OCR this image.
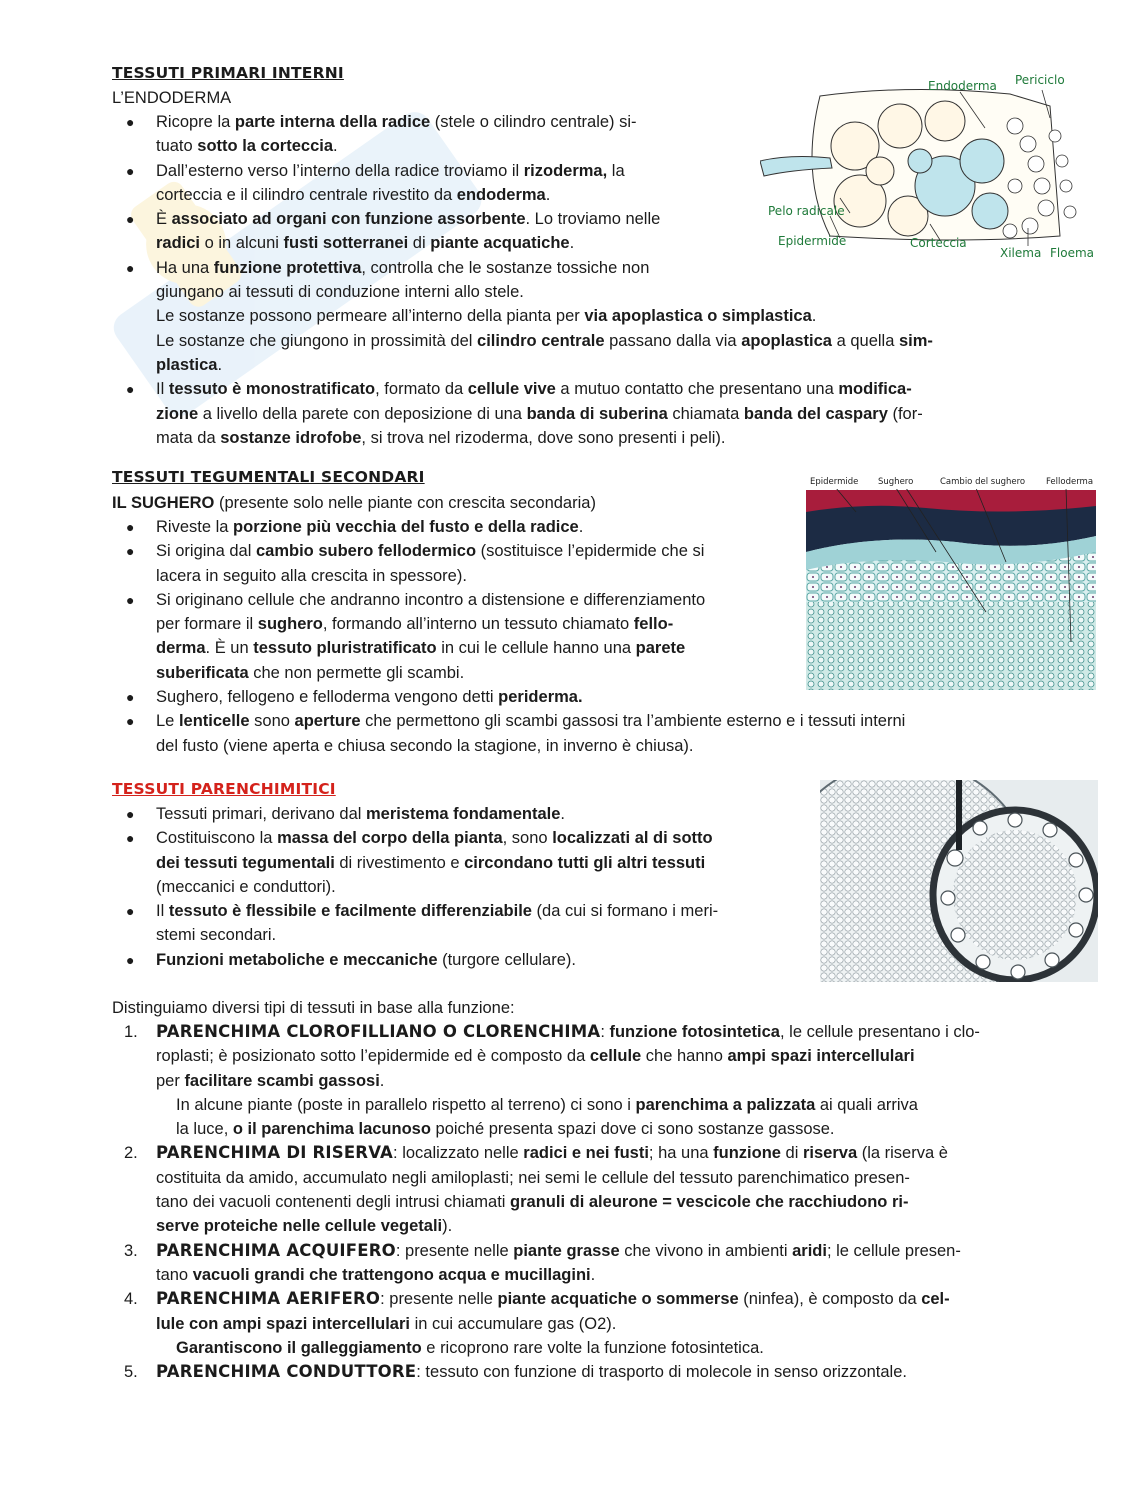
TESSUTI PRIMARI INTERNI

L’ENDODERMA

● Ricopre la parte interna della radice (stele o cilindro centrale) si-
tuato sotto la corteccia.
● Dall’esterno verso l’interno della radice troviamo il rizoderma, la
corteccia e il cilindro centrale rivestito da endoderma.
● È associato ad organi con funzione assorbente. Lo troviamo nelle
radici o in alcuni fusti sotterranei di piante acquatiche.
● Ha una funzione protettiva, controlla che le sostanze tossiche non
giungano ai tessuti di conduzione interni allo stele.
Le sostanze possono permeare all’interno della pianta per via apoplastica o simplastica.
Le sostanze che giungono in prossimità del cilindro centrale passano dalla via apoplastica a quella sim-
plastica.
● Il tessuto è monostratificato, formato da cellule vive a mutuo contatto che presentano una modifica-
zione a livello della parete con deposizione di una banda di suberina chiamata banda del caspary (for-
mata da sostanze idrofobe, si trova nel rizoderma, dove sono presenti i peli).
Endoderma Periciclo
Pelo radicale
Epidermide	Corteccia
Xilema Floema
TESSUTI TEGUMENTALI SECONDARI

IL SUGHERO (presente solo nelle piante con crescita secondaria)

● Riveste la porzione più vecchia del fusto e della radice.
● Si origina dal cambio subero fellodermico (sostituisce l’epidermide che si
lacera in seguito alla crescita in spessore).
● Si originano cellule che andranno incontro a distensione e differenziamento
per formare il sughero, formando all’interno un tessuto chiamato fello-
derma. È un tessuto pluristratificato in cui le cellule hanno una parete
suberificata che non permette gli scambi.
● Sughero, fellogeno e felloderma vengono detti periderma.
● Le lenticelle sono aperture che permettono gli scambi gassosi tra l’ambiente esterno e i tessuti interni
del fusto (viene aperta e chiusa secondo la stagione, in inverno è chiusa).
Epidermide Sughero	Cambio del sughero Felloderma
TESSUTI PARENCHIMITICI
● Tessuti primari, derivano dal meristema fondamentale.
● Costituiscono la massa del corpo della pianta, sono localizzati al di sotto
dei tessuti tegumentali di rivestimento e circondano tutti gli altri tessuti
(meccanici e conduttori).
● Il tessuto è flessibile e facilmente differenziabile (da cui si formano i meri-
stemi secondari.
● Funzioni metaboliche e meccaniche (turgore cellulare).

Distinguiamo diversi tipi di tessuti in base alla funzione:

1. PARENCHIMA CLOROFILLIANO O CLORENCHIMA: funzione fotosintetica, le cellule presentano i clo-
roplasti; è posizionato sotto l’epidermide ed è composto da cellule che hanno ampi spazi intercellulari
per facilitare scambi gassosi.

In alcune piante (poste in parallelo rispetto al terreno) ci sono i parenchima a palizzata ai quali arriva
la luce, o il parenchima lacunoso poiché presenta spazi dove ci sono sostanze gassose.
2. PARENCHIMA DI RISERVA: localizzato nelle radici e nei fusti; ha una funzione di riserva (la riserva è
costituita da amido, accumulato negli amiloplasti; nei semi le cellule del tessuto parenchimatico presen-
tano dei vacuoli contenenti degli intrusi chiamati granuli di aleurone = vescicole che racchiudono ri-
serve proteiche nelle cellule vegetali).
3. PARENCHIMA ACQUIFERO: presente nelle piante grasse che vivono in ambienti aridi; le cellule presen-
tano vacuoli grandi che trattengono acqua e mucillagini.
4. PARENCHIMA AERIFERO: presente nelle piante acquatiche o sommerse (ninfea), è composto da cel-
lule con ampi spazi intercellulari in cui accumulare gas (O2).

Garantiscono il galleggiamento e ricoprono rare volte la funzione fotosintetica.
5. PARENCHIMA CONDUTTORE: tessuto con funzione di trasporto di molecole in senso orizzontale.
